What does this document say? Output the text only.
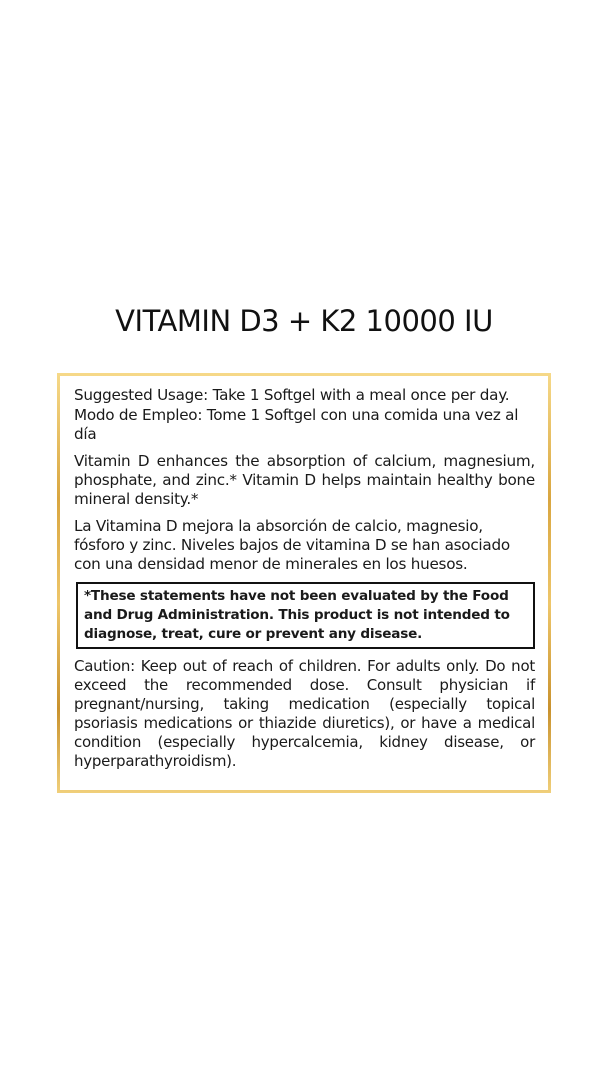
VITAMIN D3 + K2 10000 IU

Suggested Usage: Take 1 Softgel with a meal once per day.

Modo de Empleo: Tome 1 Softgel con una comida una vez al día

Vitamin D enhances the absorption of calcium, magnesium, phosphate, and zinc.* Vitamin D helps maintain healthy bone mineral density.*

La Vitamina D mejora la absorción de calcio, magnesio, fósforo y zinc. Niveles bajos de vitamina D se han asociado con una densidad menor de minerales en los huesos.

*These statements have not been evaluated by the Food and Drug Administration. This product is not intended to diagnose, treat, cure or prevent any disease.

Caution: Keep out of reach of children. For adults only. Do not exceed the recommended dose. Consult physician if pregnant/nursing, taking medication (especially topical psoriasis medications or thiazide diuretics), or have a medical condition (especially hypercalcemia, kidney disease, or hyperparathyroidism).
